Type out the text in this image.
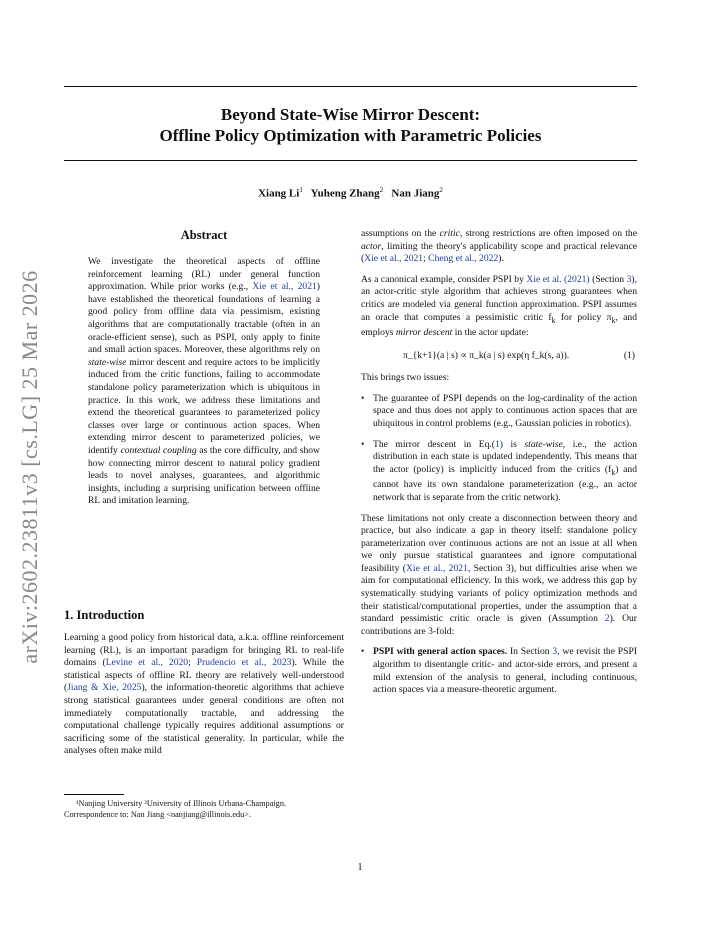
arXiv:2602.23811v3 [cs.LG] 25 Mar 2026
Beyond State-Wise Mirror Descent:
Offline Policy Optimization with Parametric Policies
Xiang Li$^1$ Yuheng Zhang$^2$ Nan Jiang$^2$
Abstract

We investigate the theoretical aspects of offline reinforcement learning (RL) under general function approximation. While prior works (e.g., Xie et al., 2021) have established the theoretical foundations of learning a good policy from offline data via pessimism, existing algorithms that are computationally tractable (often in an oracle-efficient sense), such as PSPI, only apply to finite and small action spaces. Moreover, these algorithms rely on state-wise mirror descent and require actors to be implicitly induced from the critic functions, failing to accommodate standalone policy parameterization which is ubiquitous in practice. In this work, we address these limitations and extend the theoretical guarantees to parameterized policy classes over large or continuous action spaces. When extending mirror descent to parameterized policies, we identify contextual coupling as the core difficulty, and show how connecting mirror descent to natural policy gradient leads to novel analyses, guarantees, and algorithmic insights, including a surprising unification between offline RL and imitation learning.

1. Introduction

Learning a good policy from historical data, a.k.a. offline reinforcement learning (RL), is an important paradigm for bringing RL to real-life domains (Levine et al., 2020; Prudencio et al., 2023). While the statistical aspects of offline RL theory are relatively well-understood (Jiang & Xie, 2025), the information-theoretic algorithms that achieve strong statistical guarantees under general conditions are often not immediately computationally tractable, and addressing the computational challenge typically requires additional assumptions or sacrificing some of the statistical generality. In particular, while the analyses often make mild

¹Nanjing University ²University of Illinois Urbana-Champaign.
Correspondence to: Nan Jiang <nanjiang@illinois.edu>.

assumptions on the critic, strong restrictions are often imposed on the actor, limiting the theory's applicability scope and practical relevance (Xie et al., 2021; Cheng et al., 2022).

As a canonical example, consider PSPI by Xie et al. (2021) (Section 3), an actor-critic style algorithm that achieves strong guarantees when critics are modeled via general function approximation. PSPI assumes an oracle that computes a pessimistic critic $f_k$ for policy $\pi_k$, and employs mirror descent in the actor update:

π_{k+1}(a | s) ∝ π_k(a | s) exp(η f_k(s, a)).	(1)

This brings two issues:

• The guarantee of PSPI depends on the log-cardinality of the action space and thus does not apply to continuous action spaces that are ubiquitous in control problems (e.g., Gaussian policies in robotics).
• The mirror descent in Eq.(1) is state-wise, i.e., the action distribution in each state is updated independently. This means that the actor (policy) is implicitly induced from the critics $(f_k)$ and cannot have its own standalone parameterization (e.g., an actor network that is separate from the critic network).

These limitations not only create a disconnection between theory and practice, but also indicate a gap in theory itself: standalone policy parameterization over continuous actions are not an issue at all when we only pursue statistical guarantees and ignore computational feasibility (Xie et al., 2021, Section 3), but difficulties arise when we aim for computational efficiency. In this work, we address this gap by systematically studying variants of policy optimization methods and their statistical/computational properties, under the assumption that a standard pessimistic critic oracle is given (Assumption 2). Our contributions are 3-fold:

• PSPI with general action spaces. In Section 3, we revisit the PSPI algorithm to disentangle critic- and actor-side errors, and present a mild extension of the analysis to general, including continuous, action spaces via a measure-theoretic argument.
1
